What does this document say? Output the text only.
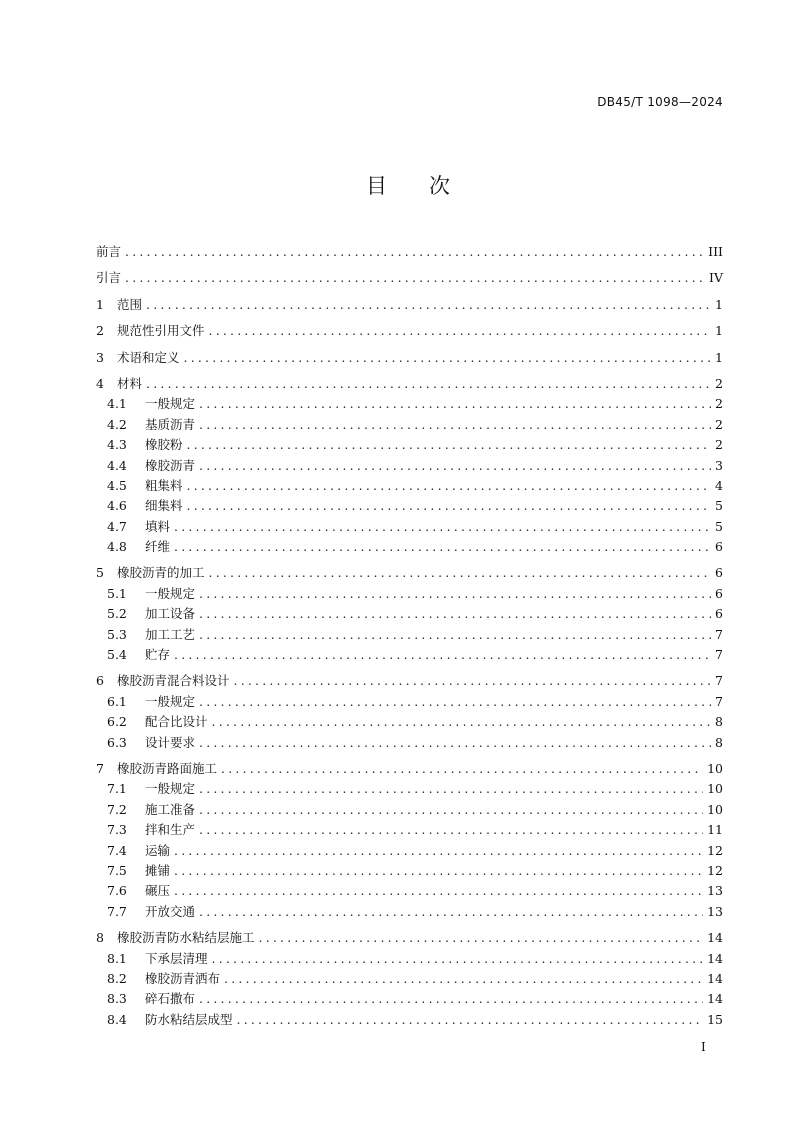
DB45/T 1098—2024
目　　次
前言 .....	III
引言 .....	IV
1	范围 .....	1
2	规范性引用文件 .....	1
3	术语和定义 .....	1
4	材料 .....	2
4.1	一般规定 .....	2
4.2	基质沥青 .....	2
4.3	橡胶粉 .....	2
4.4	橡胶沥青 .....	3
4.5	粗集料 .....	4
4.6	细集料 .....	5
4.7	填料 .....	5
4.8	纤维 .....	6
5	橡胶沥青的加工 .....	6
5.1	一般规定 .....	6
5.2	加工设备 .....	6
5.3	加工工艺 .....	7
5.4	贮存 .....	7
6	橡胶沥青混合料设计 .....	7
6.1	一般规定 .....	7
6.2	配合比设计 .....	8
6.3	设计要求 .....	8
7	橡胶沥青路面施工 .....	10
7.1	一般规定 .....	10
7.2	施工准备 .....	10
7.3	拌和生产 .....	11
7.4	运输 .....	12
7.5	摊铺 .....	12
7.6	碾压 .....	13
7.7	开放交通 .....	13
8	橡胶沥青防水粘结层施工 .....	14
8.1	下承层清理 .....	14
8.2	橡胶沥青洒布 .....	14
8.3	碎石撒布 .....	14
8.4	防水粘结层成型 .....	15
I
